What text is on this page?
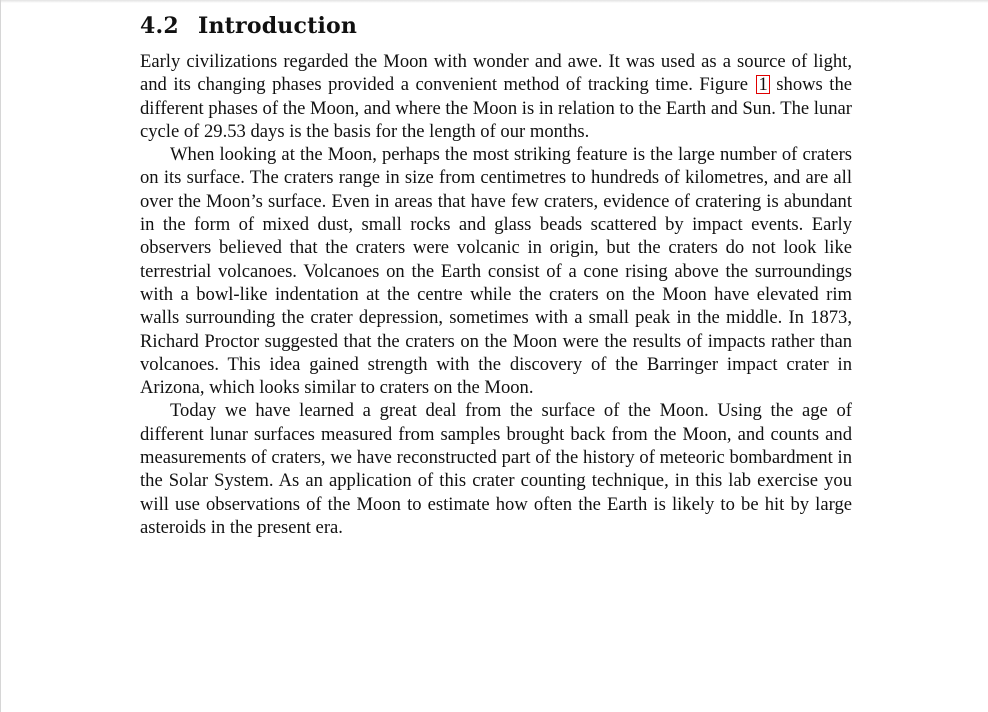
4.2 Introduction

Early civilizations regarded the Moon with wonder and awe. It was used as a source of light, and its changing phases provided a convenient method of tracking time. Figure 1 shows the different phases of the Moon, and where the Moon is in relation to the Earth and Sun. The lunar cycle of 29.53 days is the basis for the length of our months.

When looking at the Moon, perhaps the most striking feature is the large number of craters on its surface. The craters range in size from centimetres to hundreds of kilometres, and are all over the Moon’s surface. Even in areas that have few craters, evidence of cratering is abundant in the form of mixed dust, small rocks and glass beads scattered by impact events. Early observers believed that the craters were volcanic in origin, but the craters do not look like terrestrial volcanoes. Volcanoes on the Earth consist of a cone rising above the surroundings with a bowl-like indentation at the centre while the craters on the Moon have elevated rim walls surrounding the crater depression, sometimes with a small peak in the middle. In 1873, Richard Proctor suggested that the craters on the Moon were the results of impacts rather than volcanoes. This idea gained strength with the discovery of the Barringer impact crater in Arizona, which looks similar to craters on the Moon.

Today we have learned a great deal from the surface of the Moon. Using the age of different lunar surfaces measured from samples brought back from the Moon, and counts and measurements of craters, we have reconstructed part of the history of meteoric bombardment in the Solar System. As an application of this crater counting technique, in this lab exercise you will use observations of the Moon to estimate how often the Earth is likely to be hit by large asteroids in the present era.
